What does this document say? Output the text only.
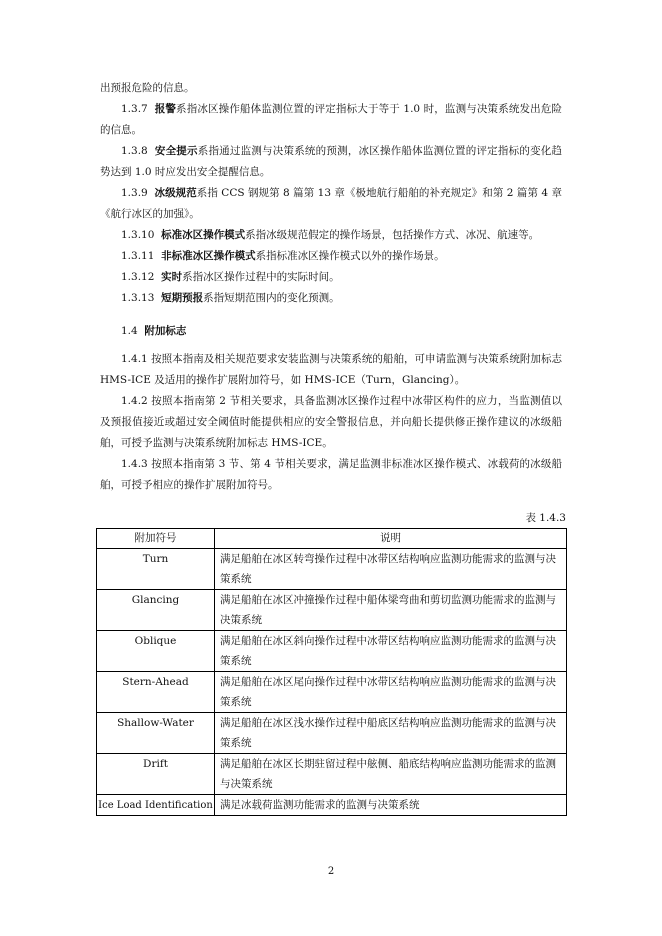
出预报危险的信息。

1.3.7 报警系指冰区操作船体监测位置的评定指标大于等于 1.0 时，监测与决策系统发出危险的信息。

1.3.8 安全提示系指通过监测与决策系统的预测，冰区操作船体监测位置的评定指标的变化趋势达到 1.0 时应发出安全提醒信息。

1.3.9 冰级规范系指 CCS 钢规第 8 篇第 13 章《极地航行船舶的补充规定》和第 2 篇第 4 章《航行冰区的加强》。

1.3.10 标准冰区操作模式系指冰级规范假定的操作场景，包括操作方式、冰况、航速等。

1.3.11 非标准冰区操作模式系指标准冰区操作模式以外的操作场景。

1.3.12 实时系指冰区操作过程中的实际时间。

1.3.13 短期预报系指短期范围内的变化预测。

1.4 附加标志

1.4.1 按照本指南及相关规范要求安装监测与决策系统的船舶，可申请监测与决策系统附加标志 HMS-ICE 及适用的操作扩展附加符号，如 HMS-ICE（Turn，Glancing）。

1.4.2 按照本指南第 2 节相关要求，具备监测冰区操作过程中冰带区构件的应力，当监测值以及预报值接近或超过安全阈值时能提供相应的安全警报信息，并向船长提供修正操作建议的冰级船舶，可授予监测与决策系统附加标志 HMS-ICE。

1.4.3 按照本指南第 3 节、第 4 节相关要求，满足监测非标准冰区操作模式、冰载荷的冰级船舶，可授予相应的操作扩展附加符号。

表 1.4.3
附加符号	说明
Turn	满足船舶在冰区转弯操作过程中冰带区结构响应监测功能需求的监测与决策系统
Glancing	满足船舶在冰区冲撞操作过程中船体梁弯曲和剪切监测功能需求的监测与决策系统
Oblique	满足船舶在冰区斜向操作过程中冰带区结构响应监测功能需求的监测与决策系统
Stern-Ahead	满足船舶在冰区尾向操作过程中冰带区结构响应监测功能需求的监测与决策系统
Shallow-Water	满足船舶在冰区浅水操作过程中船底区结构响应监测功能需求的监测与决策系统
Drift	满足船舶在冰区长期驻留过程中舷侧、船底结构响应监测功能需求的监测与决策系统
Ice Load Identification	满足冰载荷监测功能需求的监测与决策系统
2
